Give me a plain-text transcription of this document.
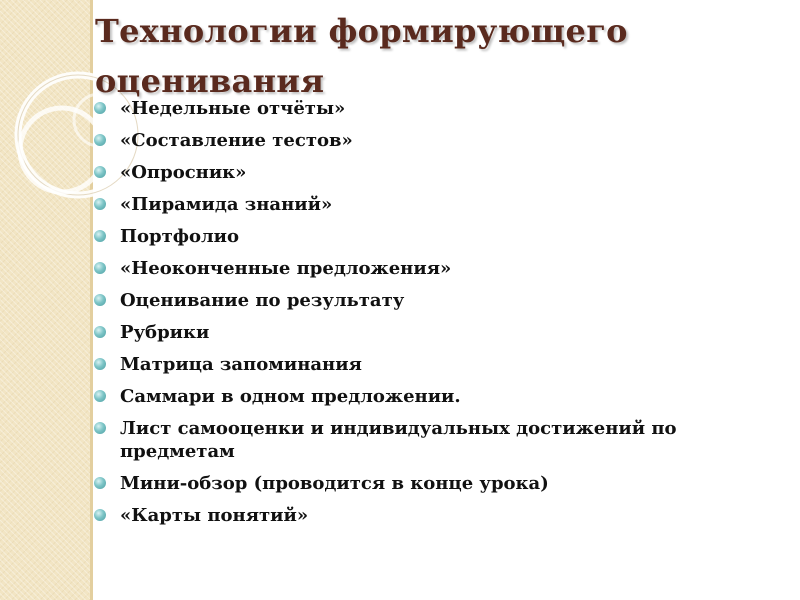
Технологии формирующего оценивания
«Недельные отчёты»
«Составление тестов»
«Опросник»
«Пирамида знаний»
Портфолио
«Неоконченные предложения»
Оценивание по результату
Рубрики
Матрица запоминания
Саммари в одном предложении.
Лист самооценки и индивидуальных достижений по предметам
Мини-обзор (проводится в конце урока)
«Карты понятий»
